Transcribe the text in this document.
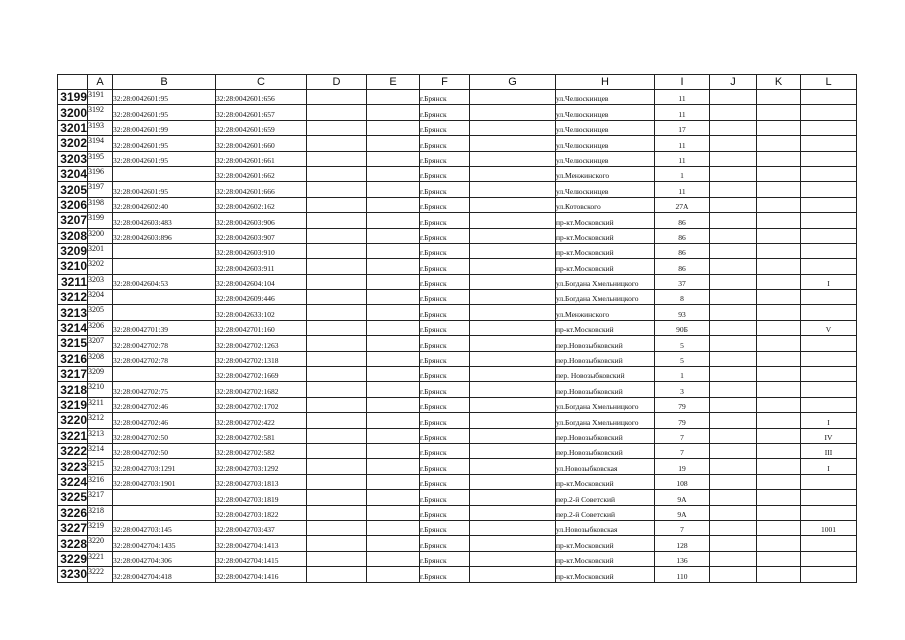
	A	B	C	D	E	F	G	H	I	J	K	L
3199	3191	32:28:0042601:95	32:28:0042601:656			г.Брянск		ул.Челюскинцев	11			
3200	3192	32:28:0042601:95	32:28:0042601:657			г.Брянск		ул.Челюскинцев	11			
3201	3193	32:28:0042601:99	32:28:0042601:659			г.Брянск		ул.Челюскинцев	17			
3202	3194	32:28:0042601:95	32:28:0042601:660			г.Брянск		ул.Челюскинцев	11			
3203	3195	32:28:0042601:95	32:28:0042601:661			г.Брянск		ул.Челюскинцев	11			
3204	3196		32:28:0042601:662			г.Брянск		ул.Менжинского	1			
3205	3197	32:28:0042601:95	32:28:0042601:666			г.Брянск		ул.Челюскинцев	11			
3206	3198	32:28:0042602:40	32:28:0042602:162			г.Брянск		ул.Котовского	27А			
3207	3199	32:28:0042603:483	32:28:0042603:906			г.Брянск		пр-кт.Московский	86			
3208	3200	32:28:0042603:896	32:28:0042603:907			г.Брянск		пр-кт.Московский	86			
3209	3201		32:28:0042603:910			г.Брянск		пр-кт.Московский	86			
3210	3202		32:28:0042603:911			г.Брянск		пр-кт.Московский	86			
3211	3203	32:28:0042604:53	32:28:0042604:104			г.Брянск		ул.Богдана Хмельницкого	37			I
3212	3204		32:28:0042609:446			г.Брянск		ул.Богдана Хмельницкого	8			
3213	3205		32:28:0042633:102			г.Брянск		ул.Менжинского	93			
3214	3206	32:28:0042701:39	32:28:0042701:160			г.Брянск		пр-кт.Московский	90Б			V
3215	3207	32:28:0042702:78	32:28:0042702:1263			г.Брянск		пер.Новозыбковский	5			
3216	3208	32:28:0042702:78	32:28:0042702:1318			г.Брянск		пер.Новозыбковский	5			
3217	3209		32:28:0042702:1669			г.Брянск		пер. Новозыбковский	1			
3218	3210	32:28:0042702:75	32:28:0042702:1682			г.Брянск		пер.Новозыбковский	3			
3219	3211	32:28:0042702:46	32:28:0042702:1702			г.Брянск		ул.Богдана Хмельницкого	79			
3220	3212	32:28:0042702:46	32:28:0042702:422			г.Брянск		ул.Богдана Хмельницкого	79			I
3221	3213	32:28:0042702:50	32:28:0042702:581			г.Брянск		пер.Новозыбковский	7			IV
3222	3214	32:28:0042702:50	32:28:0042702:582			г.Брянск		пер.Новозыбковский	7			III
3223	3215	32:28:0042703:1291	32:28:0042703:1292			г.Брянск		ул.Новозыбковская	19			I
3224	3216	32:28:0042703:1901	32:28:0042703:1813			г.Брянск		пр-кт.Московский	108			
3225	3217		32:28:0042703:1819			г.Брянск		пер.2-й Советский	9А			
3226	3218		32:28:0042703:1822			г.Брянск		пер.2-й Советский	9А			
3227	3219	32:28:0042703:145	32:28:0042703:437			г.Брянск		ул.Новозыбковская	7			1001
3228	3220	32:28:0042704:1435	32:28:0042704:1413			г.Брянск		пр-кт.Московский	128			
3229	3221	32:28:0042704:306	32:28:0042704:1415			г.Брянск		пр-кт.Московский	136			
3230	3222	32:28:0042704:418	32:28:0042704:1416			г.Брянск		пр-кт.Московский	110			
